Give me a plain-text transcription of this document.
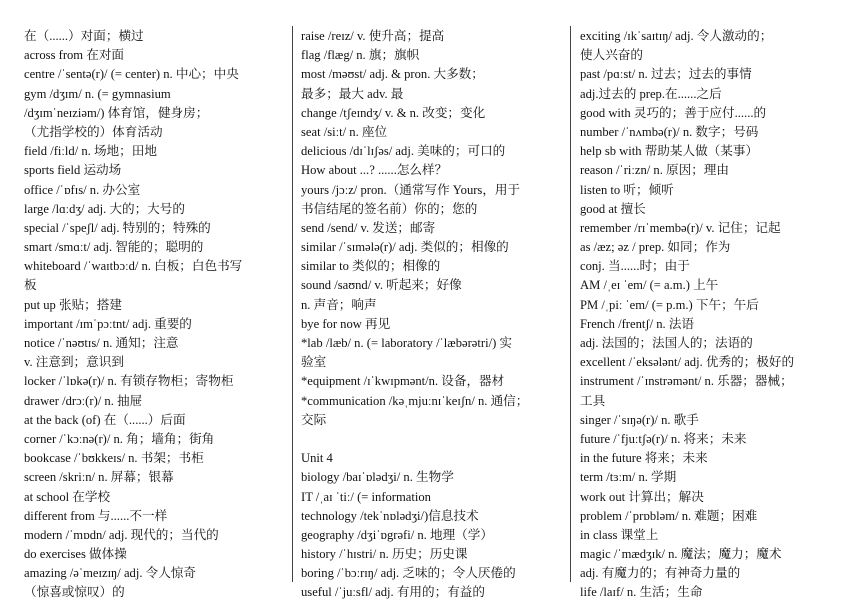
在（......）对面；横过
across from 在对面
centre /ˈsentə(r)/ (= center) n. 中心；中央
gym /dʒɪm/ n. (= gymnasium
/dʒɪmˈneɪziəm/) 体育馆，健身房；
（尤指学校的）体育活动
field /fiːld/ n. 场地；田地
sports field 运动场
office /ˈɒfɪs/ n. 办公室
large /lɑːdʒ/ adj. 大的；大号的
special /ˈspeʃl/ adj. 特别的；特殊的
smart /smɑːt/ adj. 智能的；聪明的
whiteboard /ˈwaɪtbɔːd/ n. 白板；白色书写
板
put up 张贴；搭建
important /ɪmˈpɔːtnt/ adj. 重要的
notice /ˈnəʊtɪs/ n. 通知；注意
v. 注意到；意识到
locker /ˈlɒkə(r)/ n. 有锁存物柜；寄物柜
drawer /drɔː(r)/ n. 抽屉
at the back (of) 在（......）后面
corner /ˈkɔːnə(r)/ n. 角；墙角；街角
bookcase /ˈbʊkkeɪs/ n. 书架；书柜
screen /skriːn/ n. 屏幕；银幕
at school 在学校
different from 与......不一样
modern /ˈmɒdn/ adj. 现代的；当代的
do exercises 做体操
amazing /əˈmeɪzɪŋ/ adj. 令人惊奇
（惊喜或惊叹）的
raise /reɪz/ v. 使升高；提高
flag /flæg/ n. 旗；旗帜
most /məʊst/ adj. & pron. 大多数；
最多；最大 adv. 最
change /tʃeɪndʒ/ v. & n. 改变；变化
seat /siːt/ n. 座位
delicious /dɪˈlɪʃəs/ adj. 美味的；可口的
How about ...? ......怎么样？
yours /jɔːz/ pron.（通常写作 Yours，用于
书信结尾的签名前）你的；您的
send /send/ v. 发送；邮寄
similar /ˈsɪmələ(r)/ adj. 类似的；相像的
similar to 类似的；相像的
sound /saʊnd/ v. 听起来；好像
n. 声音；响声
bye for now 再见
*lab /læb/ n. (= laboratory /ˈlæbərətri/) 实
验室
*equipment /ɪˈkwɪpmənt/n. 设备，器材
*communication /kəˌmjuːnɪˈkeɪʃn/ n. 通信；
交际
Unit 4
biology /baɪˈɒlədʒi/ n. 生物学
IT /ˌaɪ ˈtiː/ (= information
technology /tekˈnɒlədʒi/)信息技术
geography /dʒiˈɒgrəfi/ n. 地理（学）
history /ˈhɪstri/ n. 历史；历史课
boring /ˈbɔːrɪŋ/ adj. 乏味的；令人厌倦的
useful /ˈjuːsfl/ adj. 有用的；有益的
exciting /ɪkˈsaɪtɪŋ/ adj. 令人激动的；
使人兴奋的
past /pɑːst/ n. 过去；过去的事情
adj.过去的 prep.在......之后
good with 灵巧的；善于应付......的
number /ˈnʌmbə(r)/ n. 数字；号码
help sb with 帮助某人做（某事）
reason /ˈriːzn/ n. 原因；理由
listen to 听；倾听
good at 擅长
remember /rɪˈmembə(r)/ v. 记住；记起
as /æz; əz / prep. 如同；作为
conj. 当......时；由于
AM /ˌeɪ ˈem/ (= a.m.) 上午
PM /ˌpiː ˈem/ (= p.m.) 下午；午后
French /frentʃ/ n. 法语
adj. 法国的；法国人的；法语的
excellent /ˈeksələnt/ adj. 优秀的；极好的
instrument /ˈɪnstrəmənt/ n. 乐器；器械；
工具
singer /ˈsɪŋə(r)/ n. 歌手
future /ˈfjuːtʃə(r)/ n. 将来；未来
in the future 将来；未来
term /tɜːm/ n. 学期
work out 计算出；解决
problem /ˈprɒbləm/ n. 难题；困难
in class 课堂上
magic /ˈmædʒɪk/ n. 魔法；魔力；魔术
adj. 有魔力的；有神奇力量的
life /laɪf/ n. 生活；生命
